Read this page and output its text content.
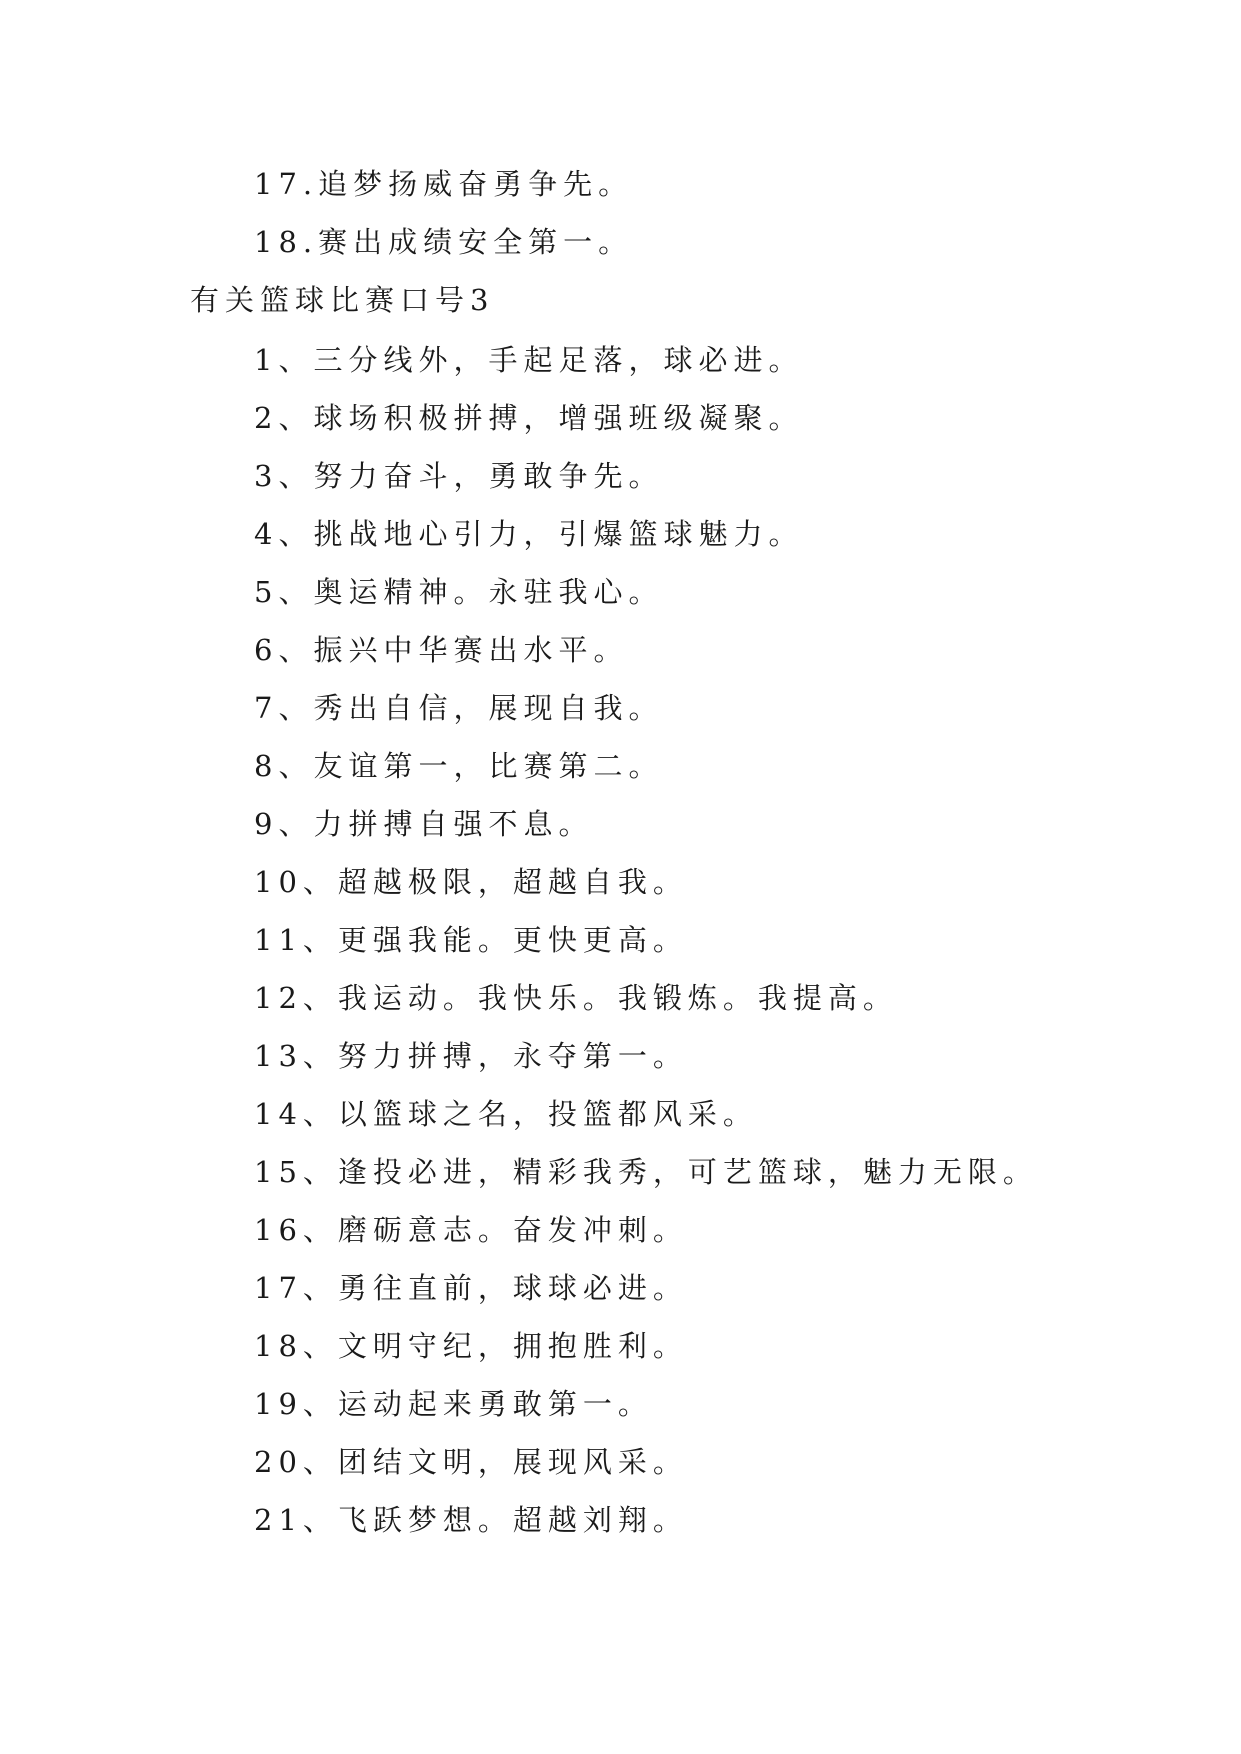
17.追梦扬威奋勇争先。
18.赛出成绩安全第一。
有关篮球比赛口号3
1、三分线外，手起足落，球必进。
2、球场积极拼搏，增强班级凝聚。
3、努力奋斗，勇敢争先。
4、挑战地心引力，引爆篮球魅力。
5、奥运精神。永驻我心。
6、振兴中华赛出水平。
7、秀出自信，展现自我。
8、友谊第一，比赛第二。
9、力拼搏自强不息。
10、超越极限，超越自我。
11、更强我能。更快更高。
12、我运动。我快乐。我锻炼。我提高。
13、努力拼搏，永夺第一。
14、以篮球之名，投篮都风采。
15、逢投必进，精彩我秀，可艺篮球，魅力无限。
16、磨砺意志。奋发冲刺。
17、勇往直前，球球必进。
18、文明守纪，拥抱胜利。
19、运动起来勇敢第一。
20、团结文明，展现风采。
21、飞跃梦想。超越刘翔。
